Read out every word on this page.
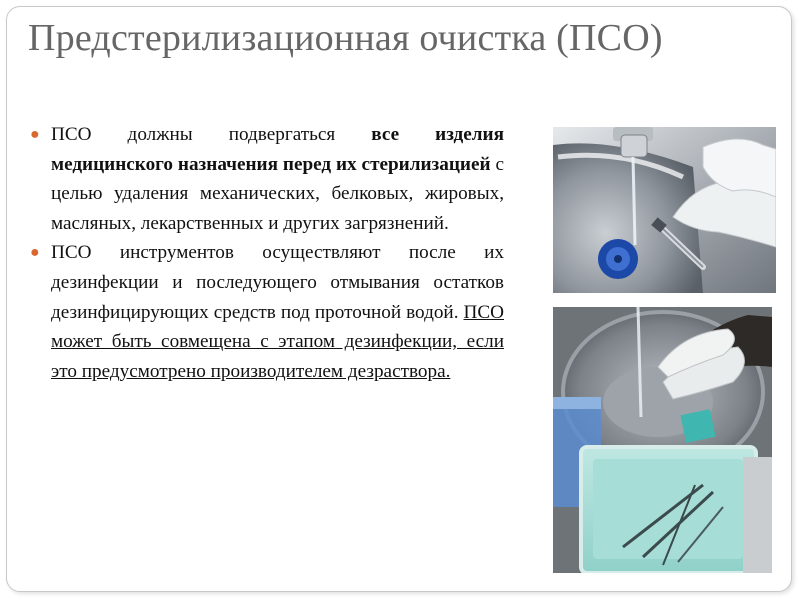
Предстерилизационная очистка (ПСО)

● ПСО должны подвергаться все изделия медицинского назначения перед их стерилизацией с целью удаления механических, белковых, жировых, масляных, лекарственных и других загрязнений.

● ПСО инструментов осуществляют после их дезинфекции и последующего отмывания остатков дезинфицирующих средств под проточной водой. ПСО может быть совмещена с этапом дезинфекции, если это предусмотрено производителем дезраствора.
